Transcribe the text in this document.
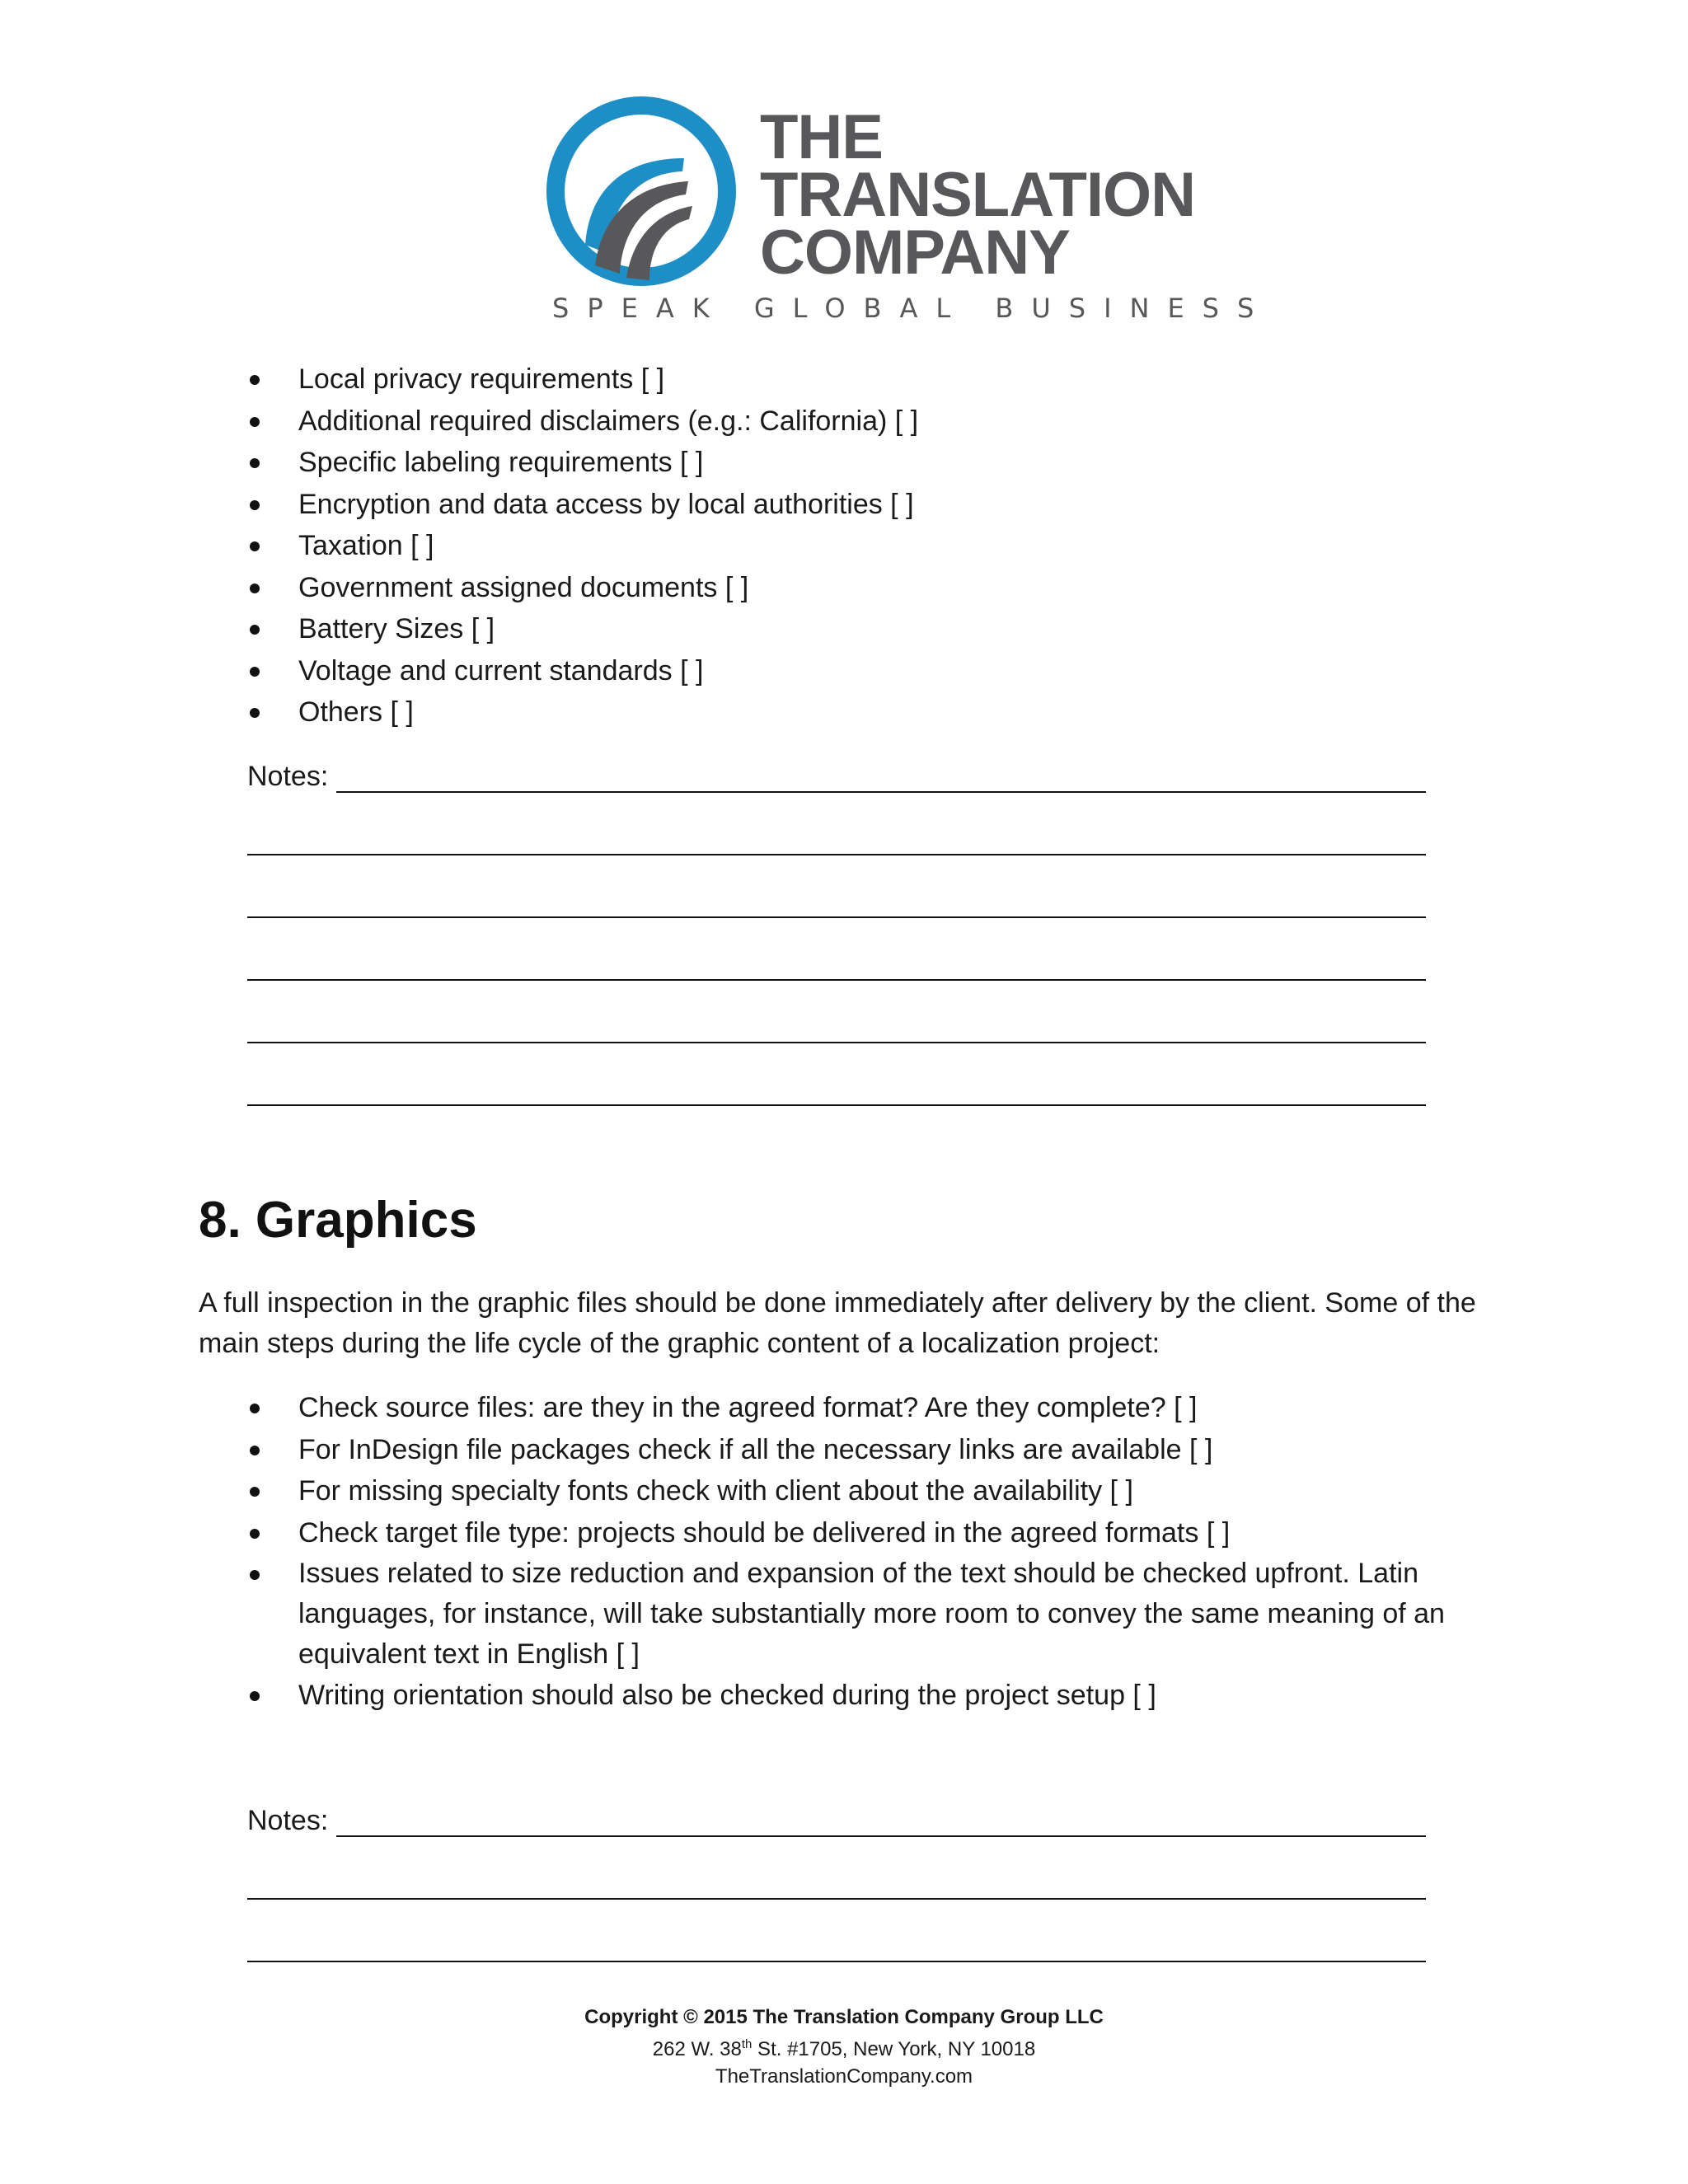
THE
TRANSLATION
COMPANY
SPEAK GLOBAL BUSINESS
Local privacy requirements [ ]
Additional required disclaimers (e.g.: California) [ ]
Specific labeling requirements [ ]
Encryption and data access by local authorities [ ]
Taxation [ ]
Government assigned documents [ ]
Battery Sizes [ ]
Voltage and current standards [ ]
Others [ ]
Notes:
8. Graphics

A full inspection in the graphic files should be done immediately after delivery by the client. Some of the main steps during the life cycle of the graphic content of a localization project:

Check source files: are they in the agreed format? Are they complete? [ ]
For InDesign file packages check if all the necessary links are available [ ]
For missing specialty fonts check with client about the availability [ ]
Check target file type: projects should be delivered in the agreed formats [ ]
Issues related to size reduction and expansion of the text should be checked upfront. Latin languages, for instance, will take substantially more room to convey the same meaning of an equivalent text in English [ ]
Writing orientation should also be checked during the project setup [ ]
Notes:
Copyright © 2015 The Translation Company Group LLC
262 W. 38th St. #1705, New York, NY 10018
TheTranslationCompany.com
